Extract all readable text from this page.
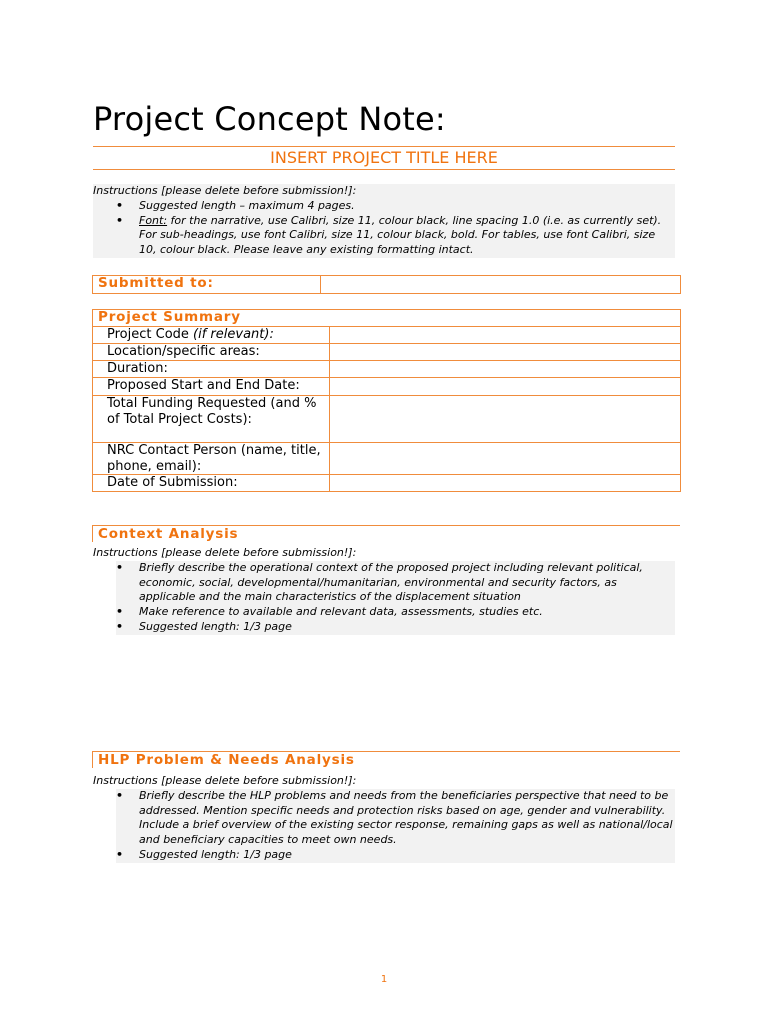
Project Concept Note:
INSERT PROJECT TITLE HERE
Instructions [please delete before submission!]:
• Suggested length – maximum 4 pages.
• Font: for the narrative, use Calibri, size 11, colour black, line spacing 1.0 (i.e. as currently set). For sub-headings, use font Calibri, size 11, colour black, bold. For tables, use font Calibri, size 10, colour black. Please leave any existing formatting intact.
Submitted to:	
Project Summary	
Project Code (if relevant):	
Location/specific areas:	
Duration:	
Proposed Start and End Date:	
Total Funding Requested (and % of Total Project Costs):	
NRC Contact Person (name, title, phone, email):	
Date of Submission:	
Context Analysis
Instructions [please delete before submission!]:
• Briefly describe the operational context of the proposed project including relevant political, economic, social, developmental/humanitarian, environmental and security factors, as applicable and the main characteristics of the displacement situation
• Make reference to available and relevant data, assessments, studies etc.
• Suggested length: 1/3 page
HLP Problem & Needs Analysis
Instructions [please delete before submission!]:
• Briefly describe the HLP problems and needs from the beneficiaries perspective that need to be addressed. Mention specific needs and protection risks based on age, gender and vulnerability. Include a brief overview of the existing sector response, remaining gaps as well as national/local and beneficiary capacities to meet own needs.
• Suggested length: 1/3 page
1
